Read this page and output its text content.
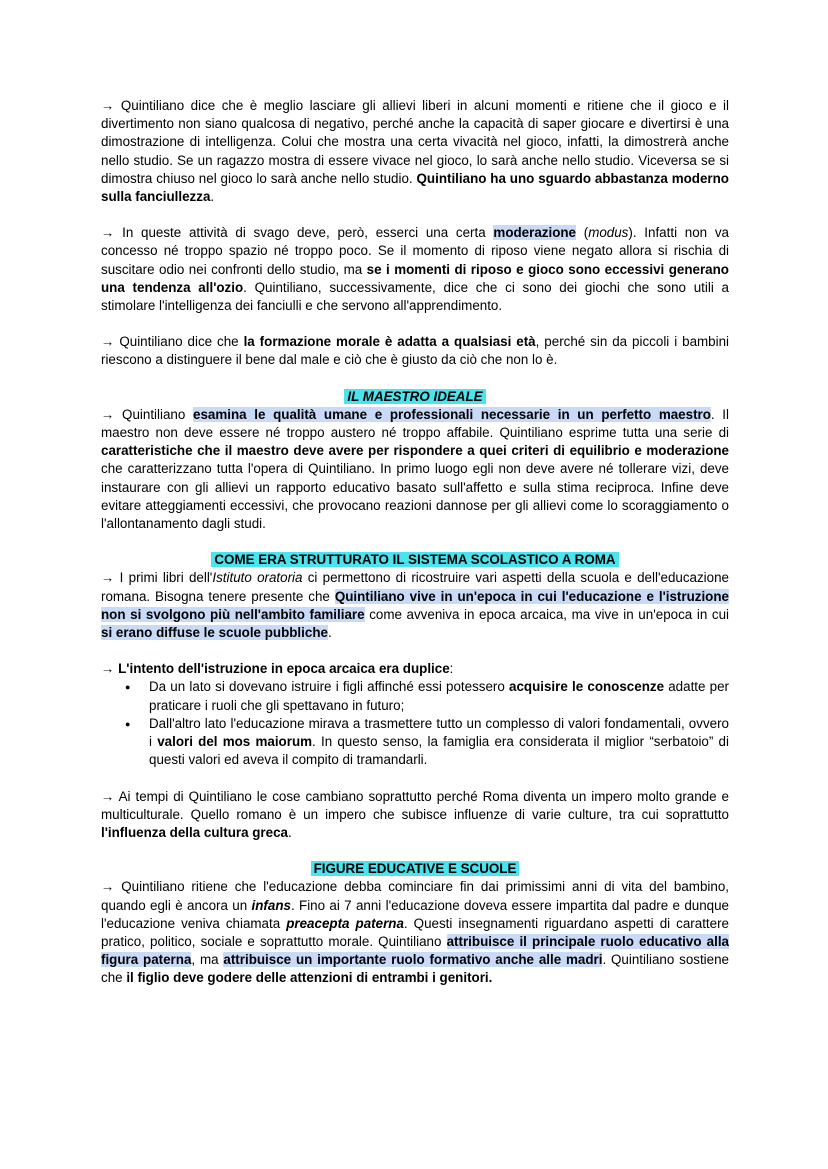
→ Quintiliano dice che è meglio lasciare gli allievi liberi in alcuni momenti e ritiene che il gioco e il divertimento non siano qualcosa di negativo, perché anche la capacità di saper giocare e divertirsi è una dimostrazione di intelligenza. Colui che mostra una certa vivacità nel gioco, infatti, la dimostrerà anche nello studio. Se un ragazzo mostra di essere vivace nel gioco, lo sarà anche nello studio. Viceversa se si dimostra chiuso nel gioco lo sarà anche nello studio. Quintiliano ha uno sguardo abbastanza moderno sulla fanciullezza.

→ In queste attività di svago deve, però, esserci una certa moderazione (modus). Infatti non va concesso né troppo spazio né troppo poco. Se il momento di riposo viene negato allora si rischia di suscitare odio nei confronti dello studio, ma se i momenti di riposo e gioco sono eccessivi generano una tendenza all'ozio. Quintiliano, successivamente, dice che ci sono dei giochi che sono utili a stimolare l'intelligenza dei fanciulli e che servono all'apprendimento.

→ Quintiliano dice che la formazione morale è adatta a qualsiasi età, perché sin da piccoli i bambini riescono a distinguere il bene dal male e ciò che è giusto da ciò che non lo è.

IL MAESTRO IDEALE

→ Quintiliano esamina le qualità umane e professionali necessarie in un perfetto maestro. Il maestro non deve essere né troppo austero né troppo affabile. Quintiliano esprime tutta una serie di caratteristiche che il maestro deve avere per rispondere a quei criteri di equilibrio e moderazione che caratterizzano tutta l'opera di Quintiliano. In primo luogo egli non deve avere né tollerare vizi, deve instaurare con gli allievi un rapporto educativo basato sull'affetto e sulla stima reciproca. Infine deve evitare atteggiamenti eccessivi, che provocano reazioni dannose per gli allievi come lo scoraggiamento o l'allontanamento dagli studi.

COME ERA STRUTTURATO IL SISTEMA SCOLASTICO A ROMA

→ I primi libri dell'Istituto oratoria ci permettono di ricostruire vari aspetti della scuola e dell'educazione romana. Bisogna tenere presente che Quintiliano vive in un'epoca in cui l'educazione e l'istruzione non si svolgono più nell'ambito familiare come avveniva in epoca arcaica, ma vive in un'epoca in cui si erano diffuse le scuole pubbliche.

→ L'intento dell'istruzione in epoca arcaica era duplice:

● Da un lato si dovevano istruire i figli affinché essi potessero acquisire le conoscenze adatte per praticare i ruoli che gli spettavano in futuro;
● Dall'altro lato l'educazione mirava a trasmettere tutto un complesso di valori fondamentali, ovvero i valori del mos maiorum. In questo senso, la famiglia era considerata il miglior “serbatoio” di questi valori ed aveva il compito di tramandarli.

→ Ai tempi di Quintiliano le cose cambiano soprattutto perché Roma diventa un impero molto grande e multiculturale. Quello romano è un impero che subisce influenze di varie culture, tra cui soprattutto l'influenza della cultura greca.

FIGURE EDUCATIVE E SCUOLE

→ Quintiliano ritiene che l'educazione debba cominciare fin dai primissimi anni di vita del bambino, quando egli è ancora un infans. Fino ai 7 anni l'educazione doveva essere impartita dal padre e dunque l'educazione veniva chiamata preacepta paterna. Questi insegnamenti riguardano aspetti di carattere pratico, politico, sociale e soprattutto morale. Quintiliano attribuisce il principale ruolo educativo alla figura paterna, ma attribuisce un importante ruolo formativo anche alle madri. Quintiliano sostiene che il figlio deve godere delle attenzioni di entrambi i genitori.
